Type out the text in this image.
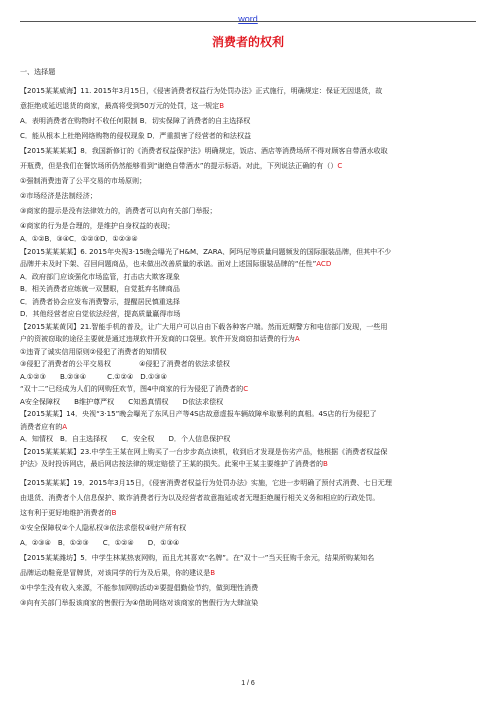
word
消费者的权利

一、选择题

【2015某某威海】11. 2015年3月15日，《侵害消费者权益行为处罚办法》正式施行，明确规定：保证无因退货，故

意拒绝或延迟退货的商家，最高将受到50万元的处罚，这一规定B

A．表明消费者在购物时不收任何限制 B．切实保障了消费者的自主选择权

C．能从根本上杜绝网络购物的侵权现象 D．严重损害了经营者的和法权益

【2015某某某某】8．我国新修订的《消费者权益保护法》明确规定，饭店、酒店等消费场所不得对顾客自带酒水收取

开瓶费，但是我们在餐饮场所仍然能够看到“谢绝自带酒水”的提示标语。对此，下列说法正确的有（）C

①强制消费违背了公平交易的市场原则；

②市场经济是法制经济；

③商家的提示是没有法律效力的，消费者可以向有关部门举报；

④商家的行为是合理的，是维护自身权益的表现；

A．①②B．③④C．①②③D．①②③④

【2015某某某某】6. 2015年央视3·15晚会曝光了H&M、ZARA、阿玛尼等质量问题频发的国际服装品牌，但其中不少

品牌并未及时下架、召回问题商品，也未做出改善质量的承诺。面对上述国际服装品牌的“任性”ACD

A．政府部门应该强化市场监管，打击店大欺客现象

B．相关消费者应练就一双慧眼，自觉抵弃名牌商品

C．消费者协会应发布消费警示，提醒居民慎重选择

D．其他经营者应自觉依法经营，提高质量赢得市场

【2015某某黄冈】21.智能手机的普及，让广大用户可以自由下载各种客户端。然而近期警方和电信部门发现，一些用

户的资被窃取的途径主要就是通过违规软件开发商的口袋里。软件开发商窃扣话费的行为A

①违背了诚实信用原则②侵犯了消费者的知情权

③侵犯了消费者的公平交易权　　　　④侵犯了消费者的依法求偿权

A.①②③　　B.②③④　　　C.①②④　D.①③④

“双十二”已经成为人们的网购狂欢节，图4中商家的行为侵犯了消费者的C

A安全保障权　　B维护尊严权　　C知悉真情权　　D依法求偿权

【2015某某】14．央视“3·15”晚会曝光了东风日产等4S店故意虚报车辆故障牟取暴利的真相。4S店的行为侵犯了

消费者应有的A

A．知情权　B．自主选择权　　C．安全权　　D．个人信息保护权

【2015某某某某】23.中学生王某在网上购买了一台步步高点读机，收到后才发现是伤劣产品，他根据《消费者权益保

护法》及时投诉网店，最后网店按法律的规定赔偿了王某的损失。此案中王某主要维护了消费者的B

【2015某某某】19．2015年3月15日，《侵害消费者权益行为处罚办法》实施，它进一步明确了预付式消费、七日无理

由退货、消费者个人信息保护、欺诈消费者行为以及经营者故意拖延或者无理拒绝履行相关义务和相应的行政处罚。

这有利于更好地维护消费者的B

①安全保障权②个人隐私权③依法求偿权④财产所有权

A．②③④　B．①②③　　C．①②④　　D．①③④

【2015某某潍坊】5．中学生林某热衷网购，而且尤其喜欢“名牌”。在“双十一”当天狂购千余元，结果所购某知名

品牌运动鞋竟是冒牌货，对该同学的行为及后果，你的建议是B

①中学生没有收入来源，不能参加网购活动②要提倡勤俭节约，做到理性消费

③向有关部门举报该商家的售假行为④借助网络对该商家的售假行为大肆渲染

1 / 6
